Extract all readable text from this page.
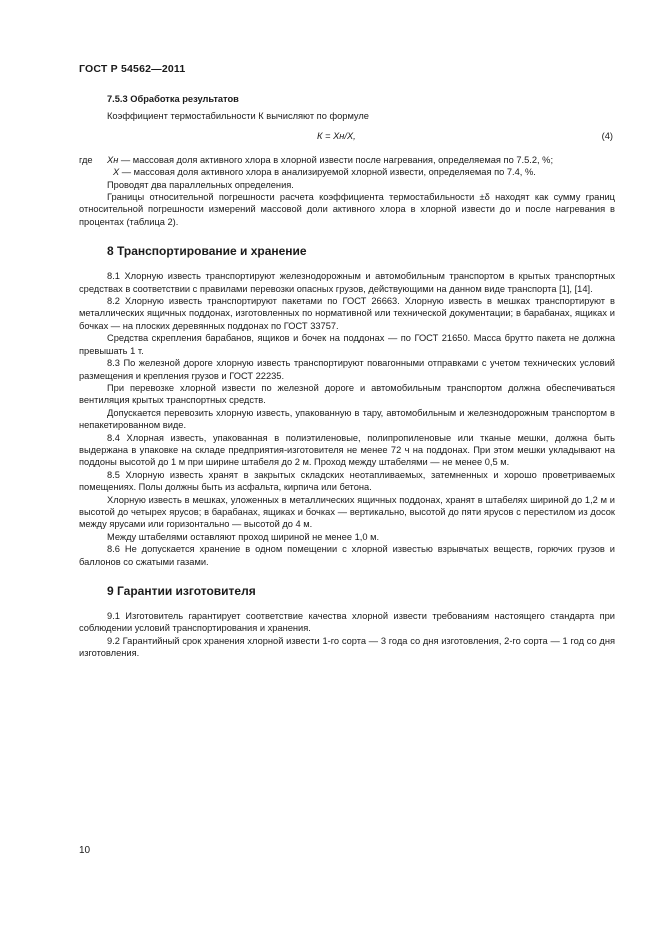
ГОСТ Р 54562—2011
7.5.3 Обработка результатов

Коэффициент термостабильности К вычисляют по формуле

К = Xн/X,	(4)
где	Xн — массовая доля активного хлора в хлорной извести после нагревания, определяемая по 7.5.2, %;
X — массовая доля активного хлора в анализируемой хлорной извести, определяемая по 7.4, %.

Проводят два параллельных определения.

Границы относительной погрешности расчета коэффициента термостабильности ±δ находят как сумму границ относительной погрешности измерений массовой доли активного хлора в хлорной извести до и после нагревания в процентах (таблица 2).

8 Транспортирование и хранение

8.1 Хлорную известь транспортируют железнодорожным и автомобильным транспортом в крытых транспортных средствах в соответствии с правилами перевозки опасных грузов, действующими на данном виде транспорта [1], [14].

8.2 Хлорную известь транспортируют пакетами по ГОСТ 26663. Хлорную известь в мешках транспортируют в металлических ящичных поддонах, изготовленных по нормативной или технической документации; в барабанах, ящиках и бочках — на плоских деревянных поддонах по ГОСТ 33757.

Средства скрепления барабанов, ящиков и бочек на поддонах — по ГОСТ 21650. Масса брутто пакета не должна превышать 1 т.

8.3 По железной дороге хлорную известь транспортируют повагонными отправками с учетом технических условий размещения и крепления грузов и ГОСТ 22235.

При перевозке хлорной извести по железной дороге и автомобильным транспортом должна обеспечиваться вентиляция крытых транспортных средств.

Допускается перевозить хлорную известь, упакованную в тару, автомобильным и железнодорожным транспортом в непакетированном виде.

8.4 Хлорная известь, упакованная в полиэтиленовые, полипропиленовые или тканые мешки, должна быть выдержана в упаковке на складе предприятия-изготовителя не менее 72 ч на поддонах. При этом мешки укладывают на поддоны высотой до 1 м при ширине штабеля до 2 м. Проход между штабелями — не менее 0,5 м.

8.5 Хлорную известь хранят в закрытых складских неотапливаемых, затемненных и хорошо проветриваемых помещениях. Полы должны быть из асфальта, кирпича или бетона.

Хлорную известь в мешках, уложенных в металлических ящичных поддонах, хранят в штабелях шириной до 1,2 м и высотой до четырех ярусов; в барабанах, ящиках и бочках — вертикально, высотой до пяти ярусов с перестилом из досок между ярусами или горизонтально — высотой до 4 м.

Между штабелями оставляют проход шириной не менее 1,0 м.

8.6 Не допускается хранение в одном помещении с хлорной известью взрывчатых веществ, горючих грузов и баллонов со сжатыми газами.

9 Гарантии изготовителя

9.1 Изготовитель гарантирует соответствие качества хлорной извести требованиям настоящего стандарта при соблюдении условий транспортирования и хранения.

9.2 Гарантийный срок хранения хлорной извести 1-го сорта — 3 года со дня изготовления, 2-го сорта — 1 год со дня изготовления.

10
